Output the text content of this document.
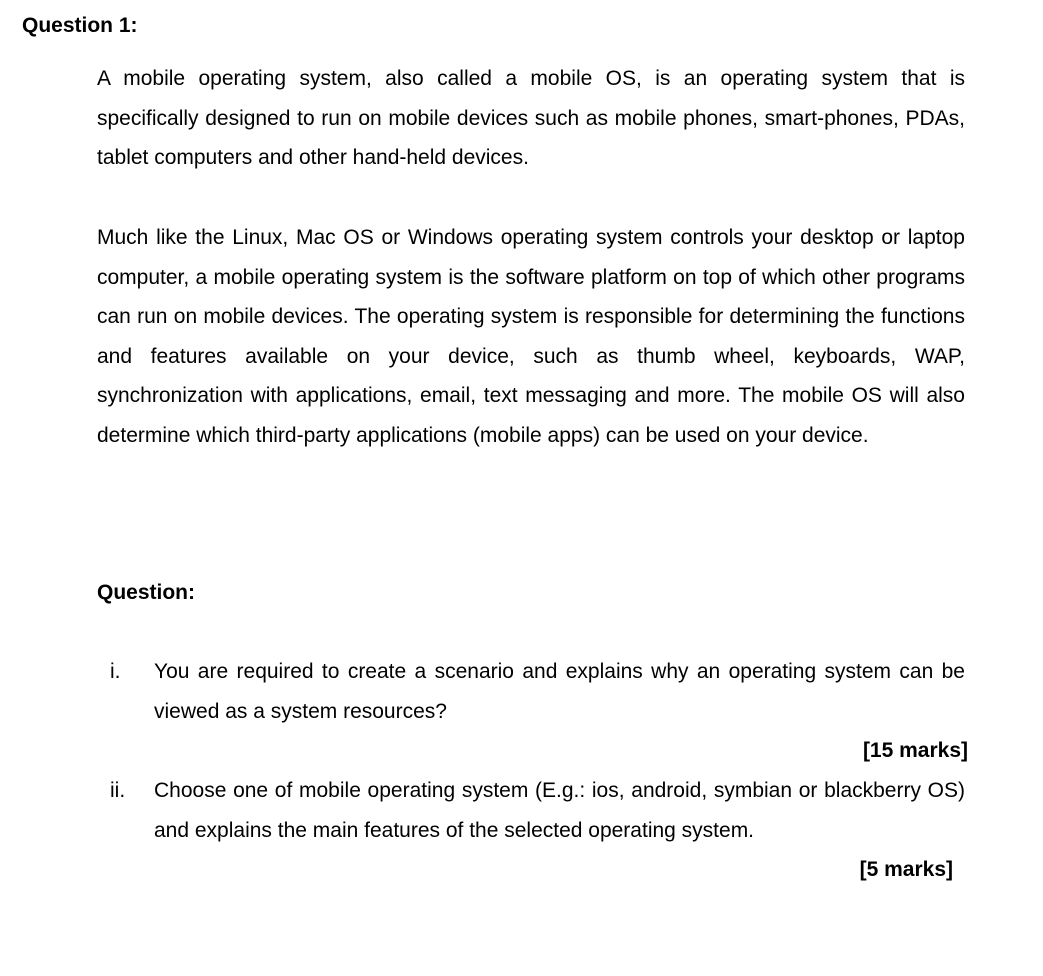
Question 1:

A mobile operating system, also called a mobile OS, is an operating system that is specifically designed to run on mobile devices such as mobile phones, smart-phones, PDAs, tablet computers and other hand-held devices.

Much like the Linux, Mac OS or Windows operating system controls your desktop or laptop computer, a mobile operating system is the software platform on top of which other programs can run on mobile devices. The operating system is responsible for determining the functions and features available on your device, such as thumb wheel, keyboards, WAP, synchronization with applications, email, text messaging and more. The mobile OS will also determine which third-party applications (mobile apps) can be used on your device.

Question:
i. You are required to create a scenario and explains why an operating system can be viewed as a system resources?

[15 marks]
ii. Choose one of mobile operating system (E.g.: ios, android, symbian or blackberry OS) and explains the main features of the selected operating system.

[5 marks]
